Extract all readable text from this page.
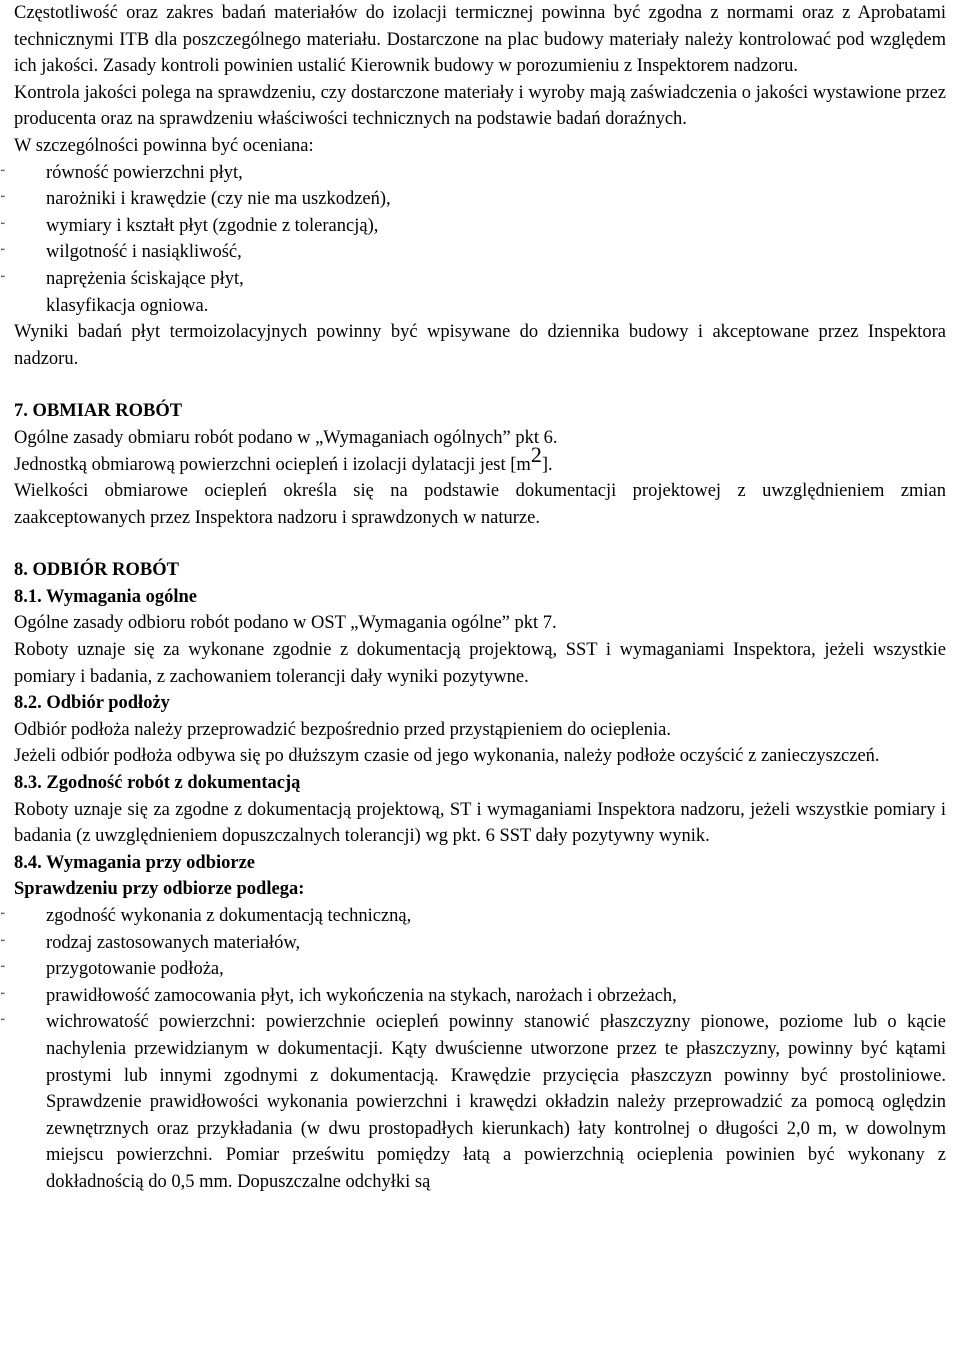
Częstotliwość oraz zakres badań materiałów do izolacji termicznej powinna być zgodna z normami oraz z Aprobatami technicznymi ITB dla poszczególnego materiału. Dostarczone na plac budowy materiały należy kontrolować pod względem ich jakości. Zasady kontroli powinien ustalić Kierownik budowy w porozumieniu z Inspektorem nadzoru.

Kontrola jakości polega na sprawdzeniu, czy dostarczone materiały i wyroby mają zaświadczenia o jakości wystawione przez producenta oraz na sprawdzeniu właściwości technicznych na podstawie badań doraźnych.

W szczególności powinna być oceniana:

˜ równość powierzchni płyt,
˜ narożniki i krawędzie (czy nie ma uszkodzeń),
˜ wymiary i kształt płyt (zgodnie z tolerancją),
˜ wilgotność i nasiąkliwość,
˜ naprężenia ściskające płyt,
klasyfikacja ogniowa.

Wyniki badań płyt termoizolacyjnych powinny być wpisywane do dziennika budowy i akceptowane przez Inspektora nadzoru.

7. OBMIAR ROBÓT

Ogólne zasady obmiaru robót podano w „Wymaganiach ogólnych” pkt 6.

Jednostką obmiarową powierzchni ociepleń i izolacji dylatacji jest $[m^2]$.

Wielkości obmiarowe ociepleń określa się na podstawie dokumentacji projektowej z uwzględnieniem zmian zaakceptowanych przez Inspektora nadzoru i sprawdzonych w naturze.

8. ODBIÓR ROBÓT

8.1. Wymagania ogólne

Ogólne zasady odbioru robót podano w OST „Wymagania ogólne” pkt 7.

Roboty uznaje się za wykonane zgodnie z dokumentacją projektową, SST i wymaganiami Inspektora, jeżeli wszystkie pomiary i badania, z zachowaniem tolerancji dały wyniki pozytywne.

8.2. Odbiór podłoży

Odbiór podłoża należy przeprowadzić bezpośrednio przed przystąpieniem do ocieplenia.

Jeżeli odbiór podłoża odbywa się po dłuższym czasie od jego wykonania, należy podłoże oczyścić z zanieczyszczeń.

8.3. Zgodność robót z dokumentacją

Roboty uznaje się za zgodne z dokumentacją projektową, ST i wymaganiami Inspektora nadzoru, jeżeli wszystkie pomiary i badania (z uwzględnieniem dopuszczalnych tolerancji) wg pkt. 6 SST dały pozytywny wynik.

8.4. Wymagania przy odbiorze

Sprawdzeniu przy odbiorze podlega:

˜ zgodność wykonania z dokumentacją techniczną,
˜ rodzaj zastosowanych materiałów,
˜ przygotowanie podłoża,
˜ prawidłowość zamocowania płyt, ich wykończenia na stykach, narożach i obrzeżach,
˜ wichrowatość powierzchni: powierzchnie ociepleń powinny stanowić płaszczyzny pionowe, poziome lub o kącie nachylenia przewidzianym w dokumentacji. Kąty dwuścienne utworzone przez te płaszczyzny, powinny być kątami prostymi lub innymi zgodnymi z dokumentacją. Krawędzie przycięcia płaszczyzn powinny być prostoliniowe. Sprawdzenie prawidłowości wykonania powierzchni i krawędzi okładzin należy przeprowadzić za pomocą oględzin zewnętrznych oraz przykładania (w dwu prostopadłych kierunkach) łaty kontrolnej o długości 2,0 m, w dowolnym miejscu powierzchni. Pomiar prześwitu pomiędzy łatą a powierzchnią ocieplenia powinien być wykonany z dokładnością do 0,5 mm. Dopuszczalne odchyłki są
